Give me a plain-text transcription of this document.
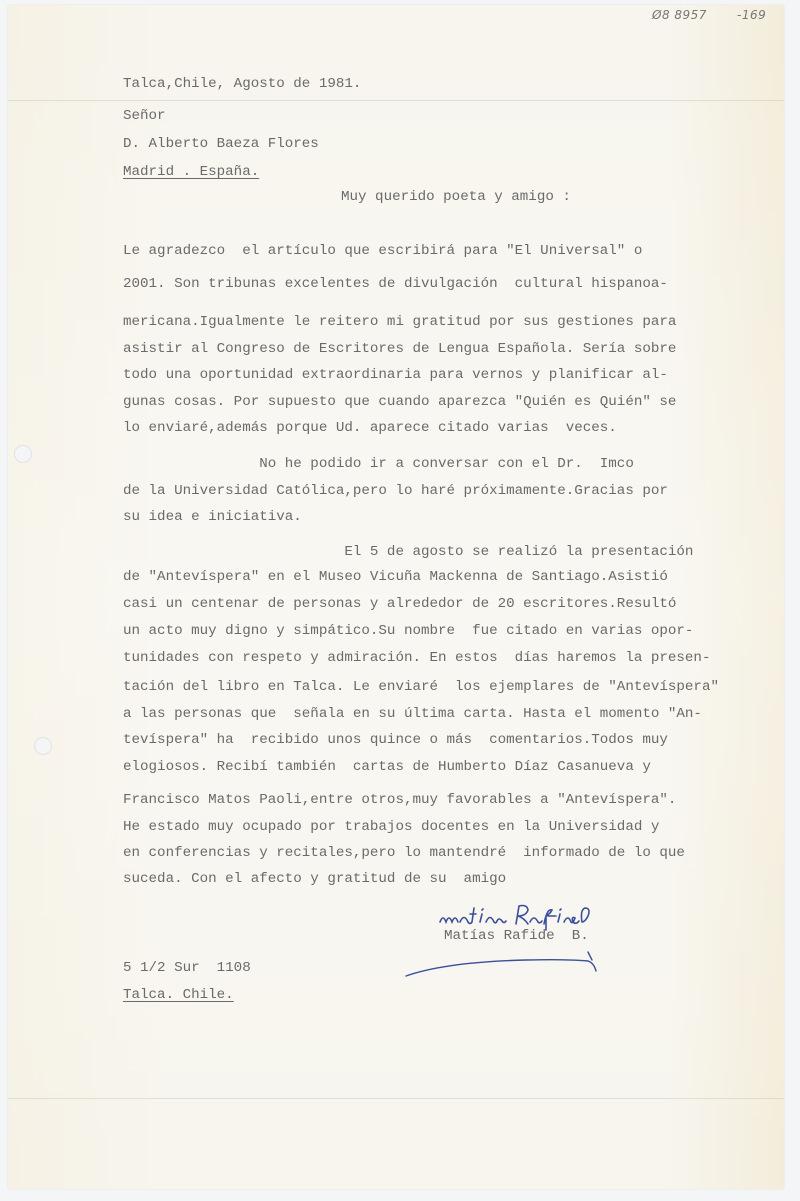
Ø8 8957	-169
Talca,Chile, Agosto de 1981.
Señor
D. Alberto Baeza Flores
Madrid . España.
Muy querido poeta y amigo :
Le agradezco  el artículo que escribirá para "El Universal" o
2001. Son tribunas excelentes de divulgación  cultural hispanoa-
mericana.Igualmente le reitero mi gratitud por sus gestiones para
asistir al Congreso de Escritores de Lengua Española. Sería sobre
todo una oportunidad extraordinaria para vernos y planificar al-
gunas cosas. Por supuesto que cuando aparezca "Quién es Quién" se
lo enviaré,además porque Ud. aparece citado varias  veces.
No he podido ir a conversar con el Dr.  Imco
de la Universidad Católica,pero lo haré próximamente.Gracias por
su idea e iniciativa.
El 5 de agosto se realizó la presentación
de "Antevíspera" en el Museo Vicuña Mackenna de Santiago.Asistió
casi un centenar de personas y alrededor de 20 escritores.Resultó
un acto muy digno y simpático.Su nombre  fue citado en varias opor-
tunidades con respeto y admiración. En estos  días haremos la presen-
tación del libro en Talca. Le enviaré  los ejemplares de "Antevíspera"
a las personas que  señala en su última carta. Hasta el momento "An-
tevíspera" ha  recibido unos quince o más  comentarios.Todos muy
elogiosos. Recibí también  cartas de Humberto Díaz Casanueva y
Francisco Matos Paoli,entre otros,muy favorables a "Antevíspera".
He estado muy ocupado por trabajos docentes en la Universidad y
en conferencias y recitales,pero lo mantendré  informado de lo que
suceda. Con el afecto y gratitud de su  amigo
Matías Rafide  B.
5 1/2 Sur  1108
Talca. Chile.
